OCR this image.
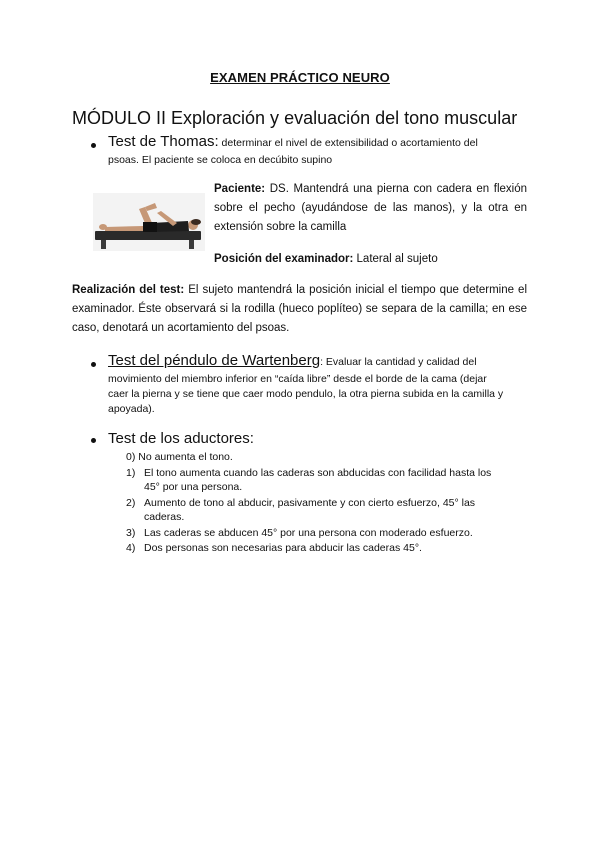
EXAMEN PRÁCTICO NEURO
MÓDULO II Exploración y evaluación del tono muscular
Test de Thomas: determinar el nivel de extensibilidad o acortamiento del
psoas. El paciente se coloca en decúbito supino
Paciente: DS. Mantendrá una pierna con cadera en flexión sobre el pecho (ayudándose de las manos), y la otra en extensión sobre la camilla
Posición del examinador: Lateral al sujeto
Realización del test: El sujeto mantendrá la posición inicial el tiempo que determine el examinador. Éste observará si la rodilla (hueco poplíteo) se separa de la camilla; en ese caso, denotará un acortamiento del psoas.
Test del péndulo de Wartenberg: Evaluar la cantidad y calidad del
movimiento del miembro inferior en “caída libre” desde el borde de la cama (dejar
caer la pierna y se tiene que caer modo pendulo, la otra pierna subida en la camilla y
apoyada).
Test de los aductores:
0) No aumenta el tono.
1) El tono aumenta cuando las caderas son abducidas con facilidad hasta los
45° por una persona.
2) Aumento de tono al abducir, pasivamente y con cierto esfuerzo, 45° las
caderas.
3) Las caderas se abducen 45° por una persona con moderado esfuerzo.
4) Dos personas son necesarias para abducir las caderas 45°.
